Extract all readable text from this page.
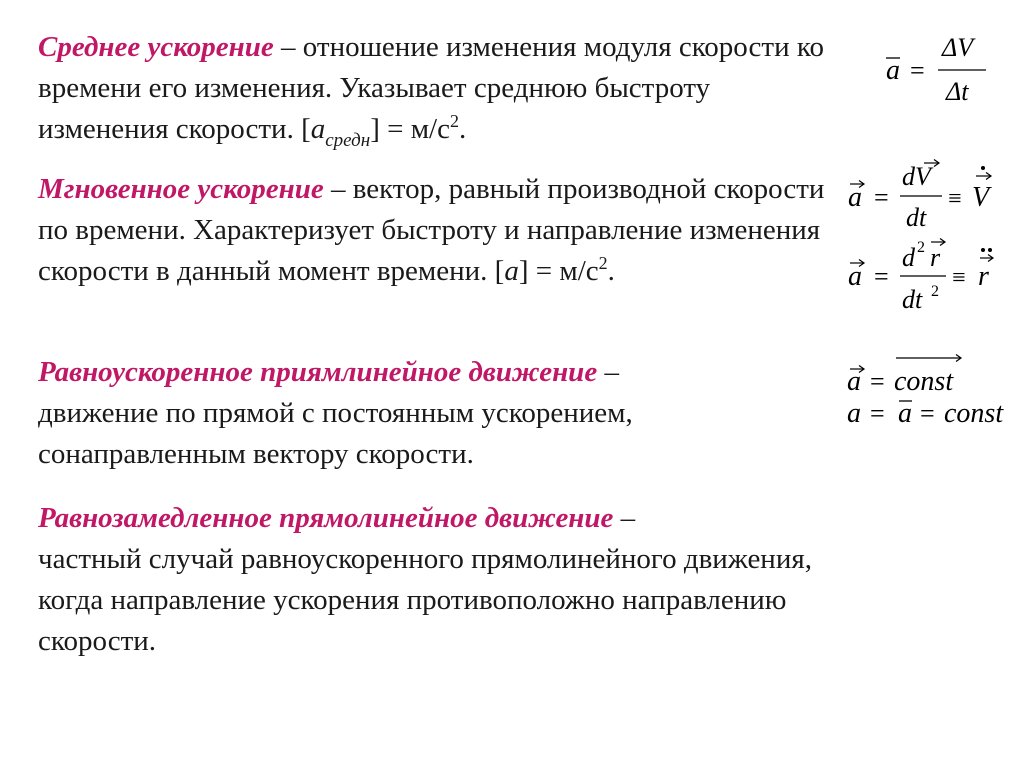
Среднее ускорение – отношение изменения модуля скорости ко времени его изменения. Указывает среднюю быстроту изменения скорости. $[a_{средн}] = м/с^2$.
Мгновенное ускорение – вектор, равный производной скорости по времени. Характеризует быстроту и направление изменения скорости в данный момент времени. $[a] = м/с^2$.
Равноускоренное приямлинейное движение –
движение по прямой с постоянным ускорением, сонаправленным вектору скорости.
Равнозамедленное прямолинейное движение –
частный случай равноускоренного прямолинейного движения, когда направление ускорения противоположно направлению скорости.
a =
ΔV
Δt
a =
dV
dt
≡ V
a =
d 2 r
dt 2
≡ r
a = const
a = a = const
